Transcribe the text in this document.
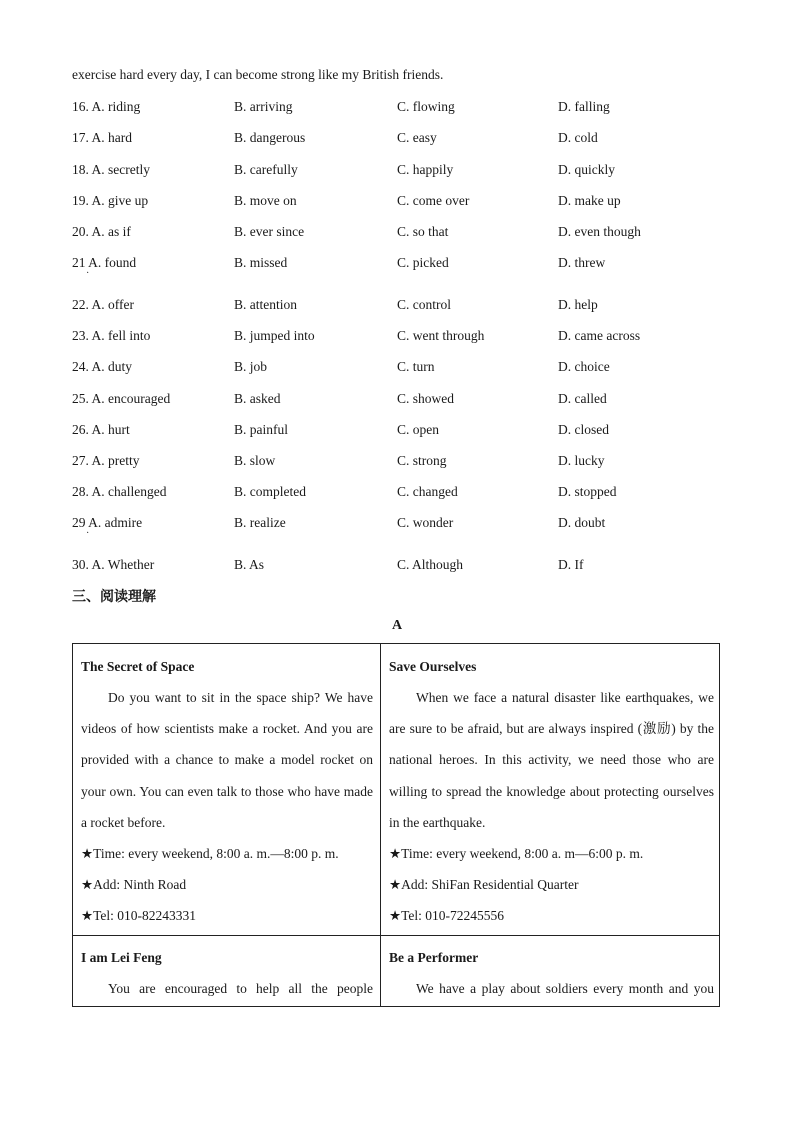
exercise hard every day, I can become strong like my British friends.
16. A. riding	B. arriving	C. flowing	D. falling
17. A. hard	B. dangerous	C. easy	D. cold
18. A. secretly	B. carefully	C. happily	D. quickly
19. A. give up	B. move on	C. come over	D. make up
20. A. as if	B. ever since	C. so that	D. even though
21 A. found	B. missed	C. picked	D. threw
22. A. offer	B. attention	C. control	D. help
23. A. fell into	B. jumped into	C. went through	D. came across
24. A. duty	B. job	C. turn	D. choice
25. A. encouraged	B. asked	C. showed	D. called
26. A. hurt	B. painful	C. open	D. closed
27. A. pretty	B. slow	C. strong	D. lucky
28. A. challenged	B. completed	C. changed	D. stopped
29 A. admire	B. realize	C. wonder	D. doubt
30. A. Whether	B. As	C. Although	D. If
三、阅读理解
A
The Secret of Space
Do you want to sit in the space ship? We have videos of how scientists make a rocket. And you are provided with a chance to make a model rocket on your own. You can even talk to those who have made a rocket before.
★Time: every weekend, 8:00 a. m.—8:00 p. m.
★Add: Ninth Road
★Tel: 010-82243331
Save Ourselves
When we face a natural disaster like earthquakes, we are sure to be afraid, but are always inspired (激励) by the national heroes. In this activity, we need those who are willing to spread the knowledge about protecting ourselves in the earthquake.
★Time: every weekend, 8:00 a. m—6:00 p. m.
★Add: ShiFan Residential Quarter
★Tel: 010-72245556
I am Lei Feng
You are encouraged to help all the people
Be a Performer
We have a play about soldiers every month and you
·
·
